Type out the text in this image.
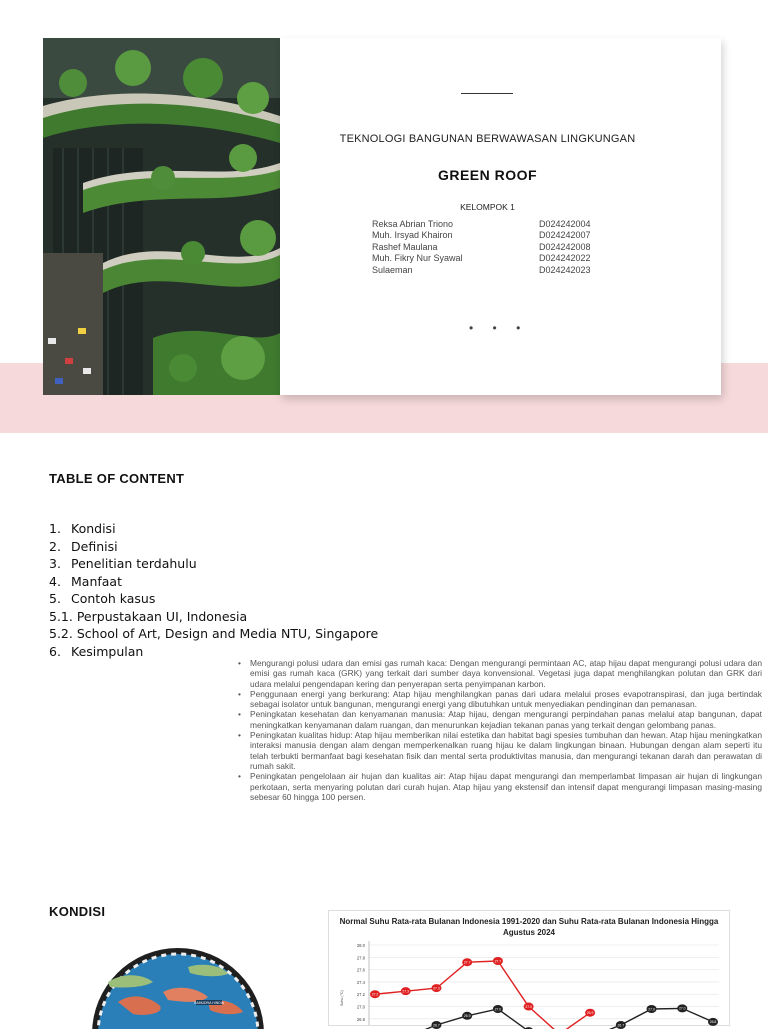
TEKNOLOGI BANGUNAN BERWAWASAN LINGKUNGAN
GREEN ROOF
KELOMPOK 1
Reksa Abrian Triono	D024242004
Muh. Irsyad Khairon	D024242007
Rashef Maulana	D024242008
Muh. Fikry Nur Syawal	D024242022
Sulaeman	D024242023
• • •
TABLE OF CONTENT
1. Kondisi
2. Definisi
3. Penelitian terdahulu
4. Manfaat
5. Contoh kasus
5.1. Perpustakaan UI, Indonesia
5.2. School of Art, Design and Media NTU, Singapore
6. Kesimpulan
• Mengurangi polusi udara dan emisi gas rumah kaca: Dengan mengurangi permintaan AC, atap hijau dapat mengurangi polusi udara dan emisi gas rumah kaca (GRK) yang terkait dari sumber daya konvensional. Vegetasi juga dapat menghilangkan polutan dan GRK dari udara melalui pengendapan kering dan penyerapan serta penyimpanan karbon.
• Penggunaan energi yang berkurang: Atap hijau menghilangkan panas dari udara melalui proses evapotranspirasi, dan juga bertindak sebagai isolator untuk bangunan, mengurangi energi yang dibutuhkan untuk menyediakan pendinginan dan pemanasan.
• Peningkatan kesehatan dan kenyamanan manusia: Atap hijau, dengan mengurangi perpindahan panas melalui atap bangunan, dapat meningkatkan kenyamanan dalam ruangan, dan menurunkan kejadian tekanan panas yang terkait dengan gelombang panas.
• Peningkatan kualitas hidup: Atap hijau memberikan nilai estetika dan habitat bagi spesies tumbuhan dan hewan. Atap hijau meningkatkan interaksi manusia dengan alam dengan memperkenalkan ruang hijau ke dalam lingkungan binaan. Hubungan dengan alam seperti itu telah terbukti bermanfaat bagi kesehatan fisik dan mental serta produktivitas manusia, dan mengurangi tekanan darah dan perawatan di rumah sakit.
• Peningkatan pengelolaan air hujan dan kualitas air: Atap hijau dapat mengurangi dan memperlambat limpasan air hujan di lingkungan perkotaan, serta menyaring polutan dari curah hujan. Atap hijau yang ekstensif dan intensif dapat mengurangi limpasan masing-masing sebesar 60 hingga 100 persen.
KONDISI
SAMUDRA HINDIA
Normal Suhu Rata-rata Bulanan Indonesia 1991-2020 dan Suhu Rata-rata Bulanan Indonesia Hingga Agustus 2024
28.0
27.8
27.6
27.4
27.2
27.0
26.8
Suhu (°C)	27.2
27.3
27.3
27.7	27.7
27.0
26.9
26.7
26.9
27.0
26.7
27.0	27.0
26.8
